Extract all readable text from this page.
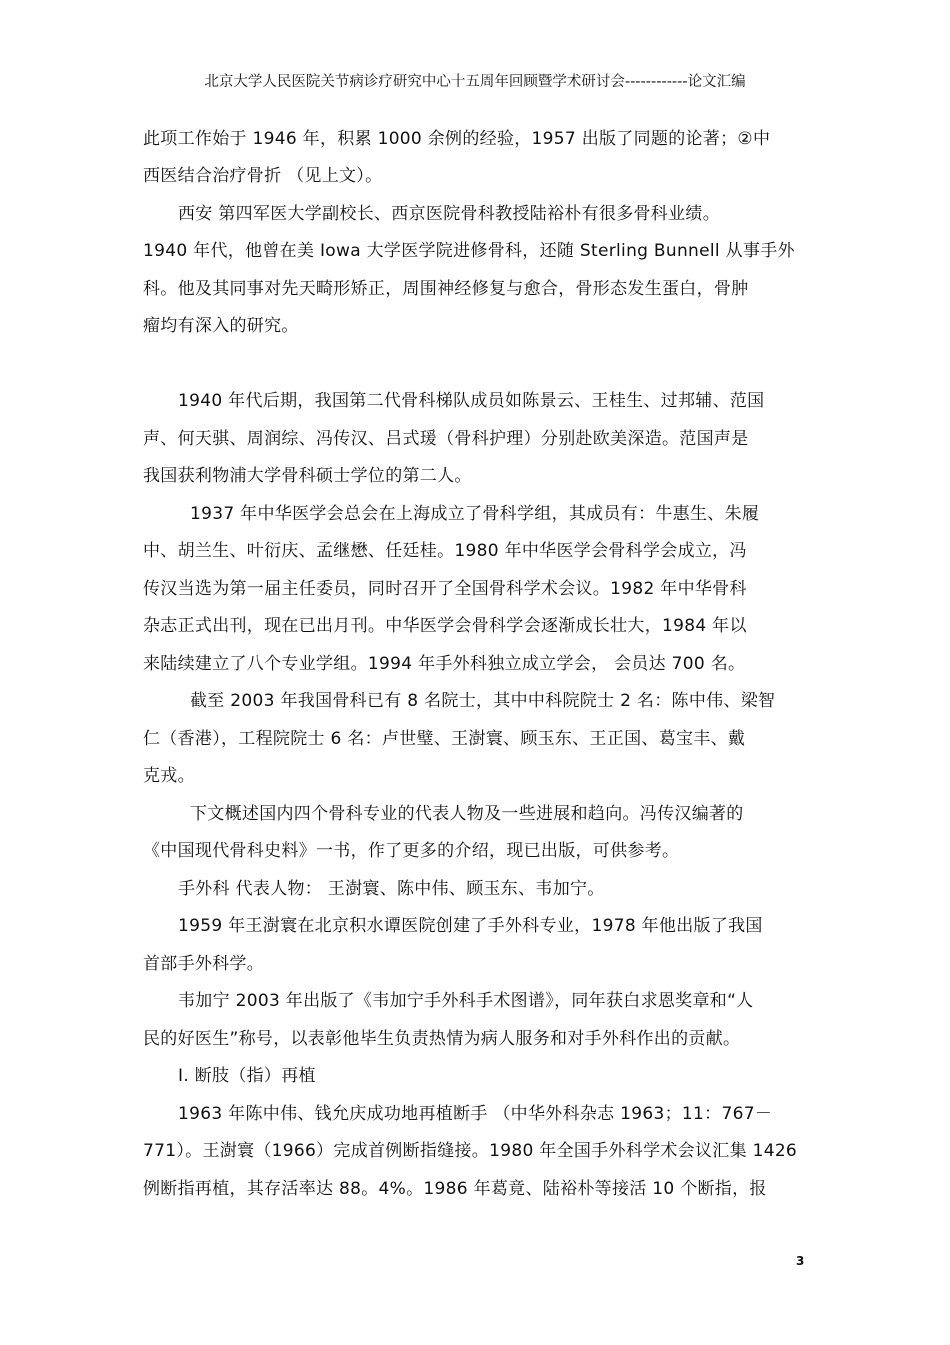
北京大学人民医院关节病诊疗研究中心十五周年回顾暨学术研讨会------------论文汇编
此项工作始于 1946 年，积累 1000 余例的经验，1957 出版了同题的论著；②中
西医结合治疗骨折 （见上文）。
西安 第四军医大学副校长、西京医院骨科教授陆裕朴有很多骨科业绩。
1940 年代，他曾在美 Iowa 大学医学院进修骨科，还随 Sterling Bunnell 从事手外
科。他及其同事对先天畸形矫正，周围神经修复与愈合，骨形态发生蛋白，骨肿
瘤均有深入的研究。
1940 年代后期，我国第二代骨科梯队成员如陈景云、王桂生、过邦辅、范国
声、何天骐、周润综、冯传汉、吕式瑗（骨科护理）分别赴欧美深造。范国声是
我国获利物浦大学骨科硕士学位的第二人。
1937 年中华医学会总会在上海成立了骨科学组，其成员有：牛惠生、朱履
中、胡兰生、叶衍庆、孟继懋、任廷桂。1980 年中华医学会骨科学会成立，冯
传汉当选为第一届主任委员，同时召开了全国骨科学术会议。1982 年中华骨科
杂志正式出刊，现在已出月刊。中华医学会骨科学会逐渐成长壮大，1984 年以
来陆续建立了八个专业学组。1994 年手外科独立成立学会， 会员达 700 名。
截至 2003 年我国骨科已有 8 名院士，其中中科院院士 2 名：陈中伟、梁智
仁（香港），工程院院士 6 名：卢世璧、王澍寰、顾玉东、王正国、葛宝丰、戴
克戎。
下文概述国内四个骨科专业的代表人物及一些进展和趋向。冯传汉编著的
《中国现代骨科史料》一书，作了更多的介绍，现已出版，可供参考。
手外科 代表人物： 王澍寰、陈中伟、顾玉东、韦加宁。
1959 年王澍寰在北京积水谭医院创建了手外科专业，1978 年他出版了我国
首部手外科学。
韦加宁 2003 年出版了《韦加宁手外科手术图谱》，同年获白求恩奖章和“人
民的好医生”称号，以表彰他毕生负责热情为病人服务和对手外科作出的贡献。
Ⅰ. 断肢（指）再植
1963 年陈中伟、钱允庆成功地再植断手 （中华外科杂志 1963；11：767－
771）。王澍寰（1966）完成首例断指缝接。1980 年全国手外科学术会议汇集 1426
例断指再植，其存活率达 88。4%。1986 年葛竟、陆裕朴等接活 10 个断指，报
3
